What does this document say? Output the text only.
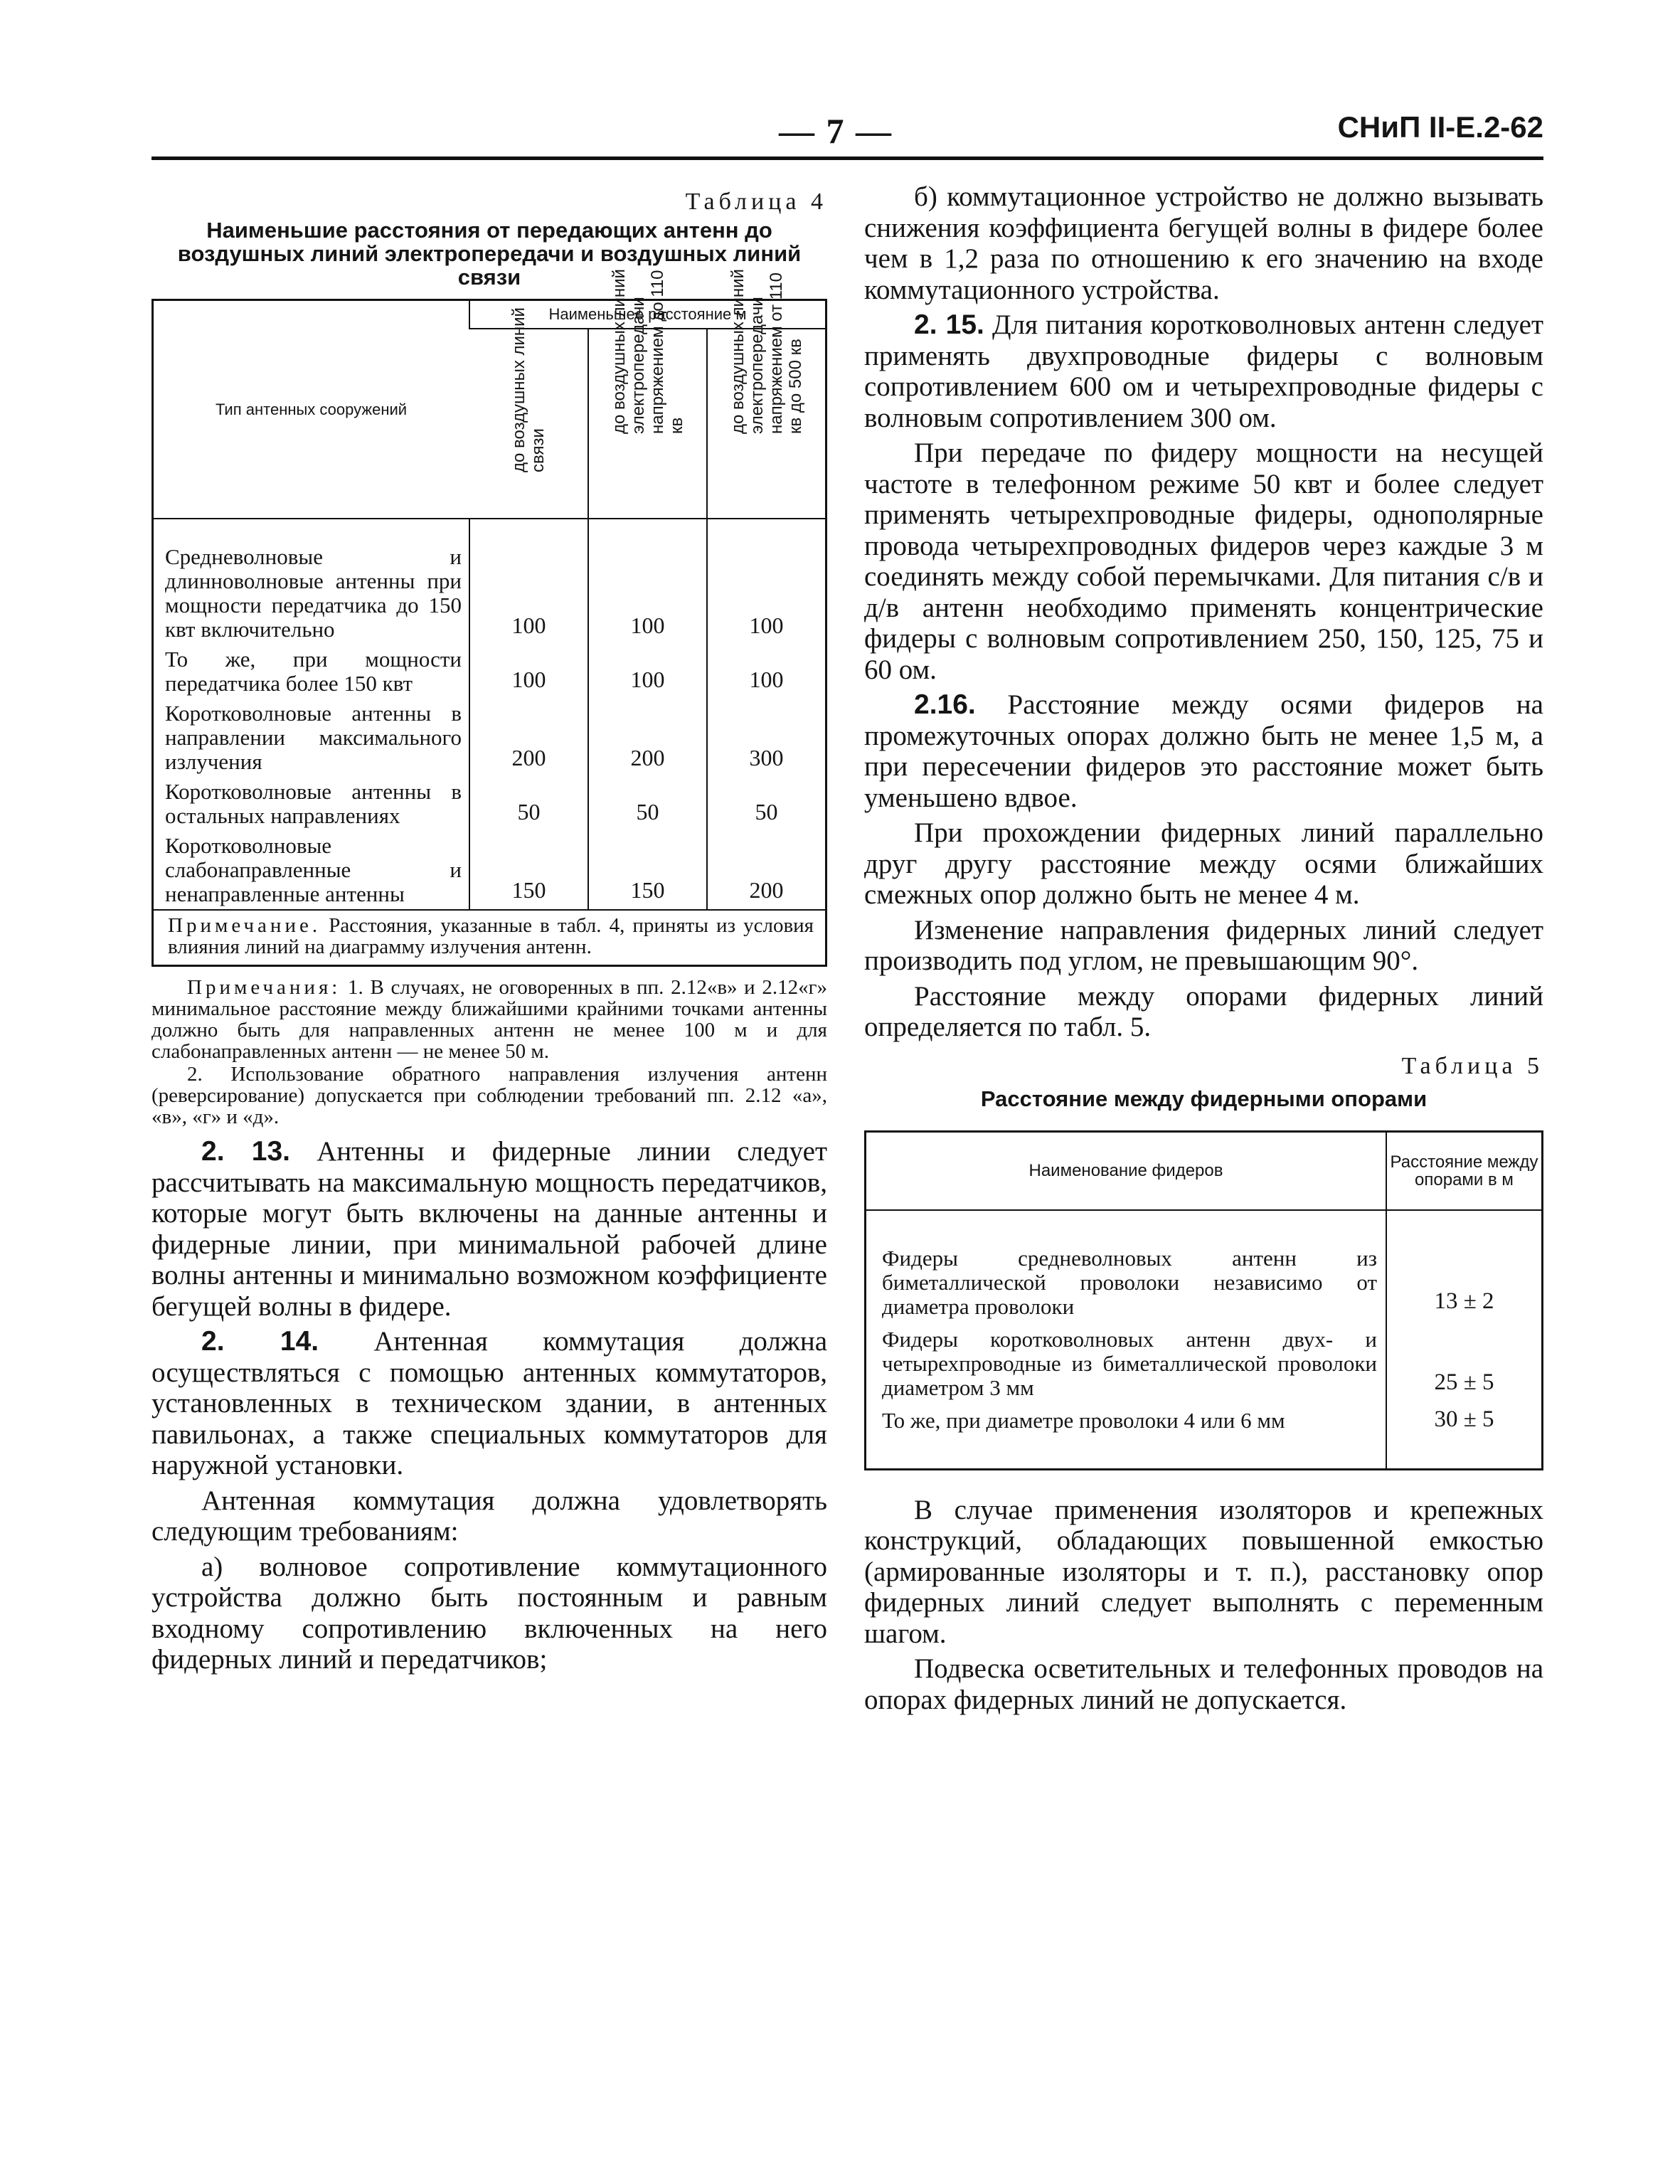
— 7 —	СНиП II-Е.2-62
Таблица 4
Наименьшие расстояния от передающих антенн до воздушных линий электропередачи и воздушных линий связи
Тип антенных сооружений	Наименьшее расстояние м		

	до воздушных линий связи	до воздушных линий электропередачи напряжением до 110 кв	до воздушных линий электропередачи напряжением от 110 кв до 500 кв

Средневолновые и длинноволновые антенны при мощности передатчика до 150 квт включительно	100	100	100
То же, при мощности передатчика более 150 квт	100	100	100
Коротковолновые антенны в направлении максимального излучения	200	200	300
Коротковолновые антенны в остальных направлениях	50	50	50
Коротковолновые слабонаправленные и ненаправленные антенны	150	150	200
Примечание. Расстояния, указанные в табл. 4, приняты из условия влияния линий на диаграмму излучения антенн.			

Примечания: 1. В случаях, не оговоренных в пп. 2.12«в» и 2.12«г» минимальное расстояние между ближайшими крайними точками антенны должно быть для направленных антенн не менее 100 м и для слабонаправленных антенн — не менее 50 м.

2. Использование обратного направления излучения антенн (реверсирование) допускается при соблюдении требований пп. 2.12 «а», «в», «г» и «д».

2. 13. Антенны и фидерные линии следует рассчитывать на максимальную мощность передатчиков, которые могут быть включены на данные антенны и фидерные линии, при минимальной рабочей длине волны антенны и минимально возможном коэффициенте бегущей волны в фидере.

2. 14. Антенная коммутация должна осуществляться с помощью антенных коммутаторов, установленных в техническом здании, в антенных павильонах, а также специальных коммутаторов для наружной установки.

Антенная коммутация должна удовлетворять следующим требованиям:

а) волновое сопротивление коммутационного устройства должно быть постоянным и равным входному сопротивлению включенных на него фидерных линий и передатчиков;

б) коммутационное устройство не должно вызывать снижения коэффициента бегущей волны в фидере более чем в 1,2 раза по отношению к его значению на входе коммутационного устройства.

2. 15. Для питания коротковолновых антенн следует применять двухпроводные фидеры с волновым сопротивлением 600 ом и четырехпроводные фидеры с волновым сопротивлением 300 ом.

При передаче по фидеру мощности на несущей частоте в телефонном режиме 50 квт и более следует применять четырехпроводные фидеры, однополярные провода четырехпроводных фидеров через каждые 3 м соединять между собой перемычками. Для питания с/в и д/в антенн необходимо применять концентрические фидеры с волновым сопротивлением 250, 150, 125, 75 и 60 ом.

2.16. Расстояние между осями фидеров на промежуточных опорах должно быть не менее 1,5 м, а при пересечении фидеров это расстояние может быть уменьшено вдвое.

При прохождении фидерных линий параллельно друг другу расстояние между осями ближайших смежных опор должно быть не менее 4 м.

Изменение направления фидерных линий следует производить под углом, не превышающим 90°.

Расстояние между опорами фидерных линий определяется по табл. 5.

Таблица 5
Расстояние между фидерными опорами
Наименование фидеров	Расстояние между опорами в м
Фидеры средневолновых антенн из биметаллической проволоки независимо от диаметра проволоки	13 ± 2
Фидеры коротковолновых антенн двух- и четырехпроводные из биметаллической проволоки диаметром 3 мм	25 ± 5
То же, при диаметре проволоки 4 или 6 мм	30 ± 5

В случае применения изоляторов и крепежных конструкций, обладающих повышенной емкостью (армированные изоляторы и т. п.), расстановку опор фидерных линий следует выполнять с переменным шагом.

Подвеска осветительных и телефонных проводов на опорах фидерных линий не допускается.
